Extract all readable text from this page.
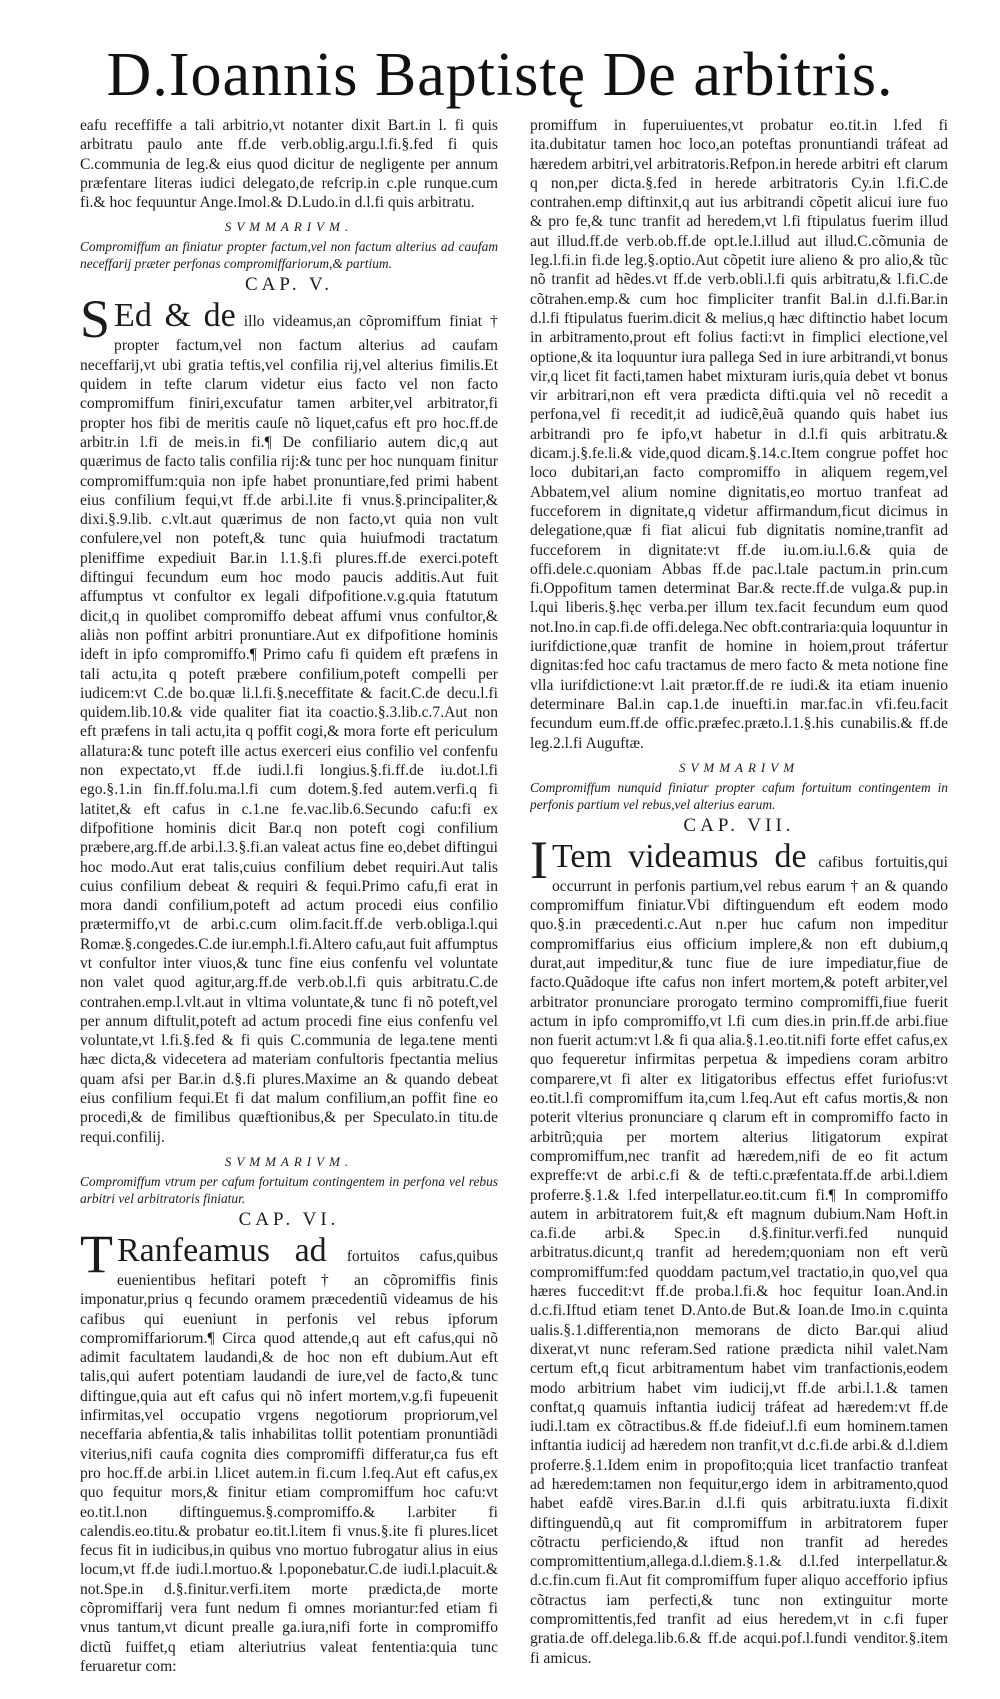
D.Ioannis Baptistę De arbitris.

eafu receffiffe a tali arbitrio,vt notanter dixit Bart.in l. fi quis arbitratu paulo ante ff.de verb.oblig.argu.l.fi.§.fed fi quis C.communia de leg.& eius quod dicitur de negligente per annum præfentare literas iudici delegato,de refcrip.in c.ple runque.cum fi.& hoc fequuntur Ange.Imol.& D.Ludo.in d.l.fi quis arbitratu.

SVMMARIVM.

Compromiffum an finiatur propter factum,vel non factum alterius ad caufam neceffarij præter perfonas compromiffariorum,& partium.

CAP. V.

S Ed & de illo videamus,an cõpromiffum finiat † propter factum,vel non factum alterius ad caufam neceffarij,vt ubi gratia teftis,vel confilia rij,vel alterius fimilis.Et quidem in tefte clarum videtur eius facto vel non facto compromiffum finiri,excufatur tamen arbiter,vel arbitrator,fi propter hos fibi de meritis cauſe nõ liquet,cafus eft pro hoc.ff.de arbitr.in l.fi de meis.in fi.¶ De confiliario autem dic,q aut quærimus de facto talis confilia rij:& tunc per hoc nunquam finitur compromiffum:quia non ipfe habet pronuntiare,fed primi habent eius confilium fequi,vt ff.de arbi.l.ite fi vnus.§.principaliter,& dixi.§.9.lib. c.vlt.aut quærimus de non facto,vt quia non vult confulere,vel non poteft,& tunc quia huiufmodi tractatum pleniffime expediuit Bar.in l.1.§.fi plures.ff.de exerci.poteft diftingui fecundum eum hoc modo paucis additis.Aut fuit affumptus vt confultor ex legali difpofitione.v.g.quia ftatutum dicit,q in quolibet compromiffo debeat affumi vnus confultor,& aliàs non poffint arbitri pronuntiare.Aut ex difpofitione hominis ideft in ipfo compromiffo.¶ Primo cafu fi quidem eft præfens in tali actu,ita q poteft præbere confilium,poteft compelli per iudicem:vt C.de bo.quæ li.l.fi.§.neceffitate & facit.C.de decu.l.fi quidem.lib.10.& vide qualiter fiat ita coactio.§.3.lib.c.7.Aut non eft præfens in tali actu,ita q poffit cogi,& mora forte eft periculum allatura:& tunc poteft ille actus exerceri eius confilio vel confenfu non expectato,vt ff.de iudi.l.fi longius.§.fi.ff.de iu.dot.l.fi ego.§.1.in fin.ff.folu.ma.l.fi cum dotem.§.fed autem.verfi.q fi latitet,& eft cafus in c.1.ne fe.vac.lib.6.Secundo cafu:fi ex difpofitione hominis dicit Bar.q non poteft cogi confilium præbere,arg.ff.de arbi.l.3.§.fi.an valeat actus fine eo,debet diftingui hoc modo.Aut erat talis,cuius confilium debet requiri.Aut talis cuius confilium debeat & requiri & fequi.Primo cafu,fi erat in mora dandi confilium,poteft ad actum procedi eius confilio prætermiffo,vt de arbi.c.cum olim.facit.ff.de verb.obliga.l.qui Romæ.§.congedes.C.de iur.emph.l.fi.Altero cafu,aut fuit affumptus vt confultor inter viuos,& tunc fine eius confenfu vel voluntate non valet quod agitur,arg.ff.de verb.ob.l.fi quis arbitratu.C.de contrahen.emp.l.vlt.aut in vltima voluntate,& tunc fi nõ poteft,vel per annum diftulit,poteft ad actum procedi fine eius confenfu vel voluntate,vt l.fi.§.fed & fi quis C.communia de lega.tene menti hæc dicta,& videcetera ad materiam confultoris fpectantia melius quam afsi per Bar.in d.§.fi plures.Maxime an & quando debeat eius confilium fequi.Et fi dat malum confilium,an poffit fine eo procedi,& de fimilibus quæftionibus,& per Speculato.in titu.de requi.confilij.

SVMMARIVM.

Compromiffum vtrum per cafum fortuitum contingentem in perfona vel rebus arbitri vel arbitratoris finiatur.

CAP. VI.

T Ranfeamus ad fortuitos cafus,quibus euenientibus hefitari poteft † an cõpromiffis finis imponatur,prius q fecundo oramem præcedentiũ videamus de his cafibus qui eueniunt in perfonis vel rebus ipforum compromiffariorum.¶ Circa quod attende,q aut eft cafus,qui nõ adimit facultatem laudandi,& de hoc non eft dubium.Aut eft talis,qui aufert potentiam laudandi de iure,vel de facto,& tunc diftingue,quia aut eft cafus qui nõ infert mortem,v.g.fi fupeuenit infirmitas,vel occupatio vrgens negotiorum propriorum,vel neceffaria abfentia,& talis inhabilitas tollit potentiam pronuntiãdi viterius,nifi caufa cognita dies compromiffi differatur,ca fus eft pro hoc.ff.de arbi.in l.licet autem.in fi.cum l.feq.Aut eft cafus,ex quo fequitur mors,& finitur etiam compromiffum hoc cafu:vt eo.tit.l.non diftinguemus.§.compromiffo.& l.arbiter fi calendis.eo.titu.& probatur eo.tit.l.item fi vnus.§.ite fi plures.licet fecus fit in iudicibus,in quibus vno mortuo fubrogatur alius in eius locum,vt ff.de iudi.l.mortuo.& l.poponebatur.C.de iudi.l.placuit.& not.Spe.in d.§.finitur.verfi.item morte prædicta,de morte cõpromiffarij vera funt nedum fi omnes moriantur:fed etiam fi vnus tantum,vt dicunt prealle ga.iura,nifi forte in compromiffo dictũ fuiffet,q etiam alteriutrius valeat fententia:quia tunc feruaretur com:

promiffum in fuperuiuentes,vt probatur eo.tit.in l.fed fi ita.dubitatur tamen hoc loco,an poteftas pronuntiandi tráfeat ad hæredem arbitri,vel arbitratoris.Refpon.in herede arbitri eft clarum q non,per dicta.§.fed in herede arbitratoris Cy.in l.fi.C.de contrahen.emp diftinxit,q aut ius arbitrandi cõpetit alicui iure fuo & pro fe,& tunc tranfit ad heredem,vt l.fi ftipulatus fuerim illud aut illud.ff.de verb.ob.ff.de opt.le.l.illud aut illud.C.cõmunia de leg.l.fi.in fi.de leg.§.optio.Aut cõpetit iure alieno & pro alio,& tũc nõ tranfit ad hẽdes.vt ff.de verb.obli.l.fi quis arbitratu,& l.fi.C.de cõtrahen.emp.& cum hoc fimpliciter tranfit Bal.in d.l.fi.Bar.in d.l.fi ftipulatus fuerim.dicit & melius,q hæc diftinctio habet locum in arbitramento,prout eft folius facti:vt in fimplici electione,vel optione,& ita loquuntur iura pallega Sed in iure arbitrandi,vt bonus vir,q licet fit facti,tamen habet mixturam iuris,quia debet vt bonus vir arbitrari,non eft vera prædicta difti.quia vel nõ recedit a perfona,vel fi recedit,it ad iudicẽ,ẽuã quando quis habet ius arbitrandi pro fe ipfo,vt habetur in d.l.fi quis arbitratu.& dicam.j.§.fe.li.& vide,quod dicam.§.14.c.Item congrue poffet hoc loco dubitari,an facto compromiffo in aliquem regem,vel Abbatem,vel alium nomine dignitatis,eo mortuo tranfeat ad fucceforem in dignitate,q videtur affirmandum,ficut dicimus in delegatione,quæ fi fiat alicui fub dignitatis nomine,tranfit ad fucceforem in dignitate:vt ff.de iu.om.iu.l.6.& quia de offi.dele.c.quoniam Abbas ff.de pac.l.tale pactum.in prin.cum fi.Oppofitum tamen determinat Bar.& recte.ff.de vulga.& pup.in l.qui liberis.§.hęc verba.per illum tex.facit fecundum eum quod not.Ino.in cap.fi.de offi.delega.Nec obft.contraria:quia loquuntur in iurifdictione,quæ tranfit de homine in hoiem,prout tráfertur dignitas:fed hoc cafu tractamus de mero facto & meta notione fine vlla iurifdictione:vt l.ait prætor.ff.de re iudi.& ita etiam inuenio determinare Bal.in cap.1.de inuefti.in mar.fac.in vfi.feu.facit fecundum eum.ff.de offic.præfec.præto.l.1.§.his cunabilis.& ff.de leg.2.l.fi Auguftæ.

SVMMARIVM

Compromiffum nunquid finiatur propter cafum fortuitum contingentem in perfonis partium vel rebus,vel alterius earum.

CAP. VII.

I Tem videamus de cafibus fortuitis,qui occurrunt in perfonis partium,vel rebus earum † an & quando compromiffum finiatur.Vbi diftinguendum eft eodem modo quo.§.in præcedenti.c.Aut n.per huc cafum non impeditur compromiffarius eius officium implere,& non eft dubium,q durat,aut impeditur,& tunc fiue de iure impediatur,fiue de facto.Quãdoque ifte cafus non infert mortem,& poteft arbiter,vel arbitrator pronunciare prorogato termino compromiffi,fiue fuerit actum in ipfo compromiffo,vt l.fi cum dies.in prin.ff.de arbi.fiue non fuerit actum:vt l.& fi qua alia.§.1.eo.tit.nifi forte effet cafus,ex quo fequeretur infirmitas perpetua & impediens coram arbitro comparere,vt fi alter ex litigatoribus effectus effet furiofus:vt eo.tit.l.fi compromiffum ita,cum l.feq.Aut eft cafus mortis,& non poterit vlterius pronunciare q clarum eft in compromiffo facto in arbitrũ;quia per mortem alterius litigatorum expirat compromiffum,nec tranfit ad hæredem,nifi de eo fit actum expreffe:vt de arbi.c.fi & de tefti.c.præfentata.ff.de arbi.l.diem proferre.§.1.& l.fed interpellatur.eo.tit.cum fi.¶ In compromiffo autem in arbitratorem fuit,& eft magnum dubium.Nam Hoft.in ca.fi.de arbi.& Spec.in d.§.finitur.verfi.fed nunquid arbitratus.dicunt,q tranfit ad heredem;quoniam non eft verũ compromiffum:fed quoddam pactum,vel tractatio,in quo,vel qua hæres fuccedit:vt ff.de proba.l.fi.& hoc fequitur Ioan.And.in d.c.fi.Iftud etiam tenet D.Anto.de But.& Ioan.de Imo.in c.quinta ualis.§.1.differentia,non memorans de dicto Bar.qui aliud dixerat,vt nunc referam.Sed ratione prædicta nihil valet.Nam certum eft,q ficut arbitramentum habet vim tranfactionis,eodem modo arbitrium habet vim iudicij,vt ff.de arbi.l.1.& tamen conftat,q quamuis inftantia iudicij tráfeat ad hæredem:vt ff.de iudi.l.tam ex cõtractibus.& ff.de fideiuf.l.fi eum hominem.tamen inftantia iudicij ad hæredem non tranfit,vt d.c.fi.de arbi.& d.l.diem proferre.§.1.Idem enim in propofito;quia licet tranfactio tranfeat ad hæredem:tamen non fequitur,ergo idem in arbitramento,quod habet eafdẽ vires.Bar.in d.l.fi quis arbitratu.iuxta fi.dixit diftinguendũ,q aut fit compromiffum in arbitratorem fuper cõtractu perficiendo,& iftud non tranfit ad heredes compromittentium,allega.d.l.diem.§.1.& d.l.fed interpellatur.& d.c.fin.cum fi.Aut fit compromiffum fuper aliquo accefforio ipfius cõtractus iam perfecti,& tunc non extinguitur morte compromittentis,fed tranfit ad eius heredem,vt in c.fi fuper gratia.de off.delega.lib.6.& ff.de acqui.pof.l.fundi venditor.§.item fi amicus.
